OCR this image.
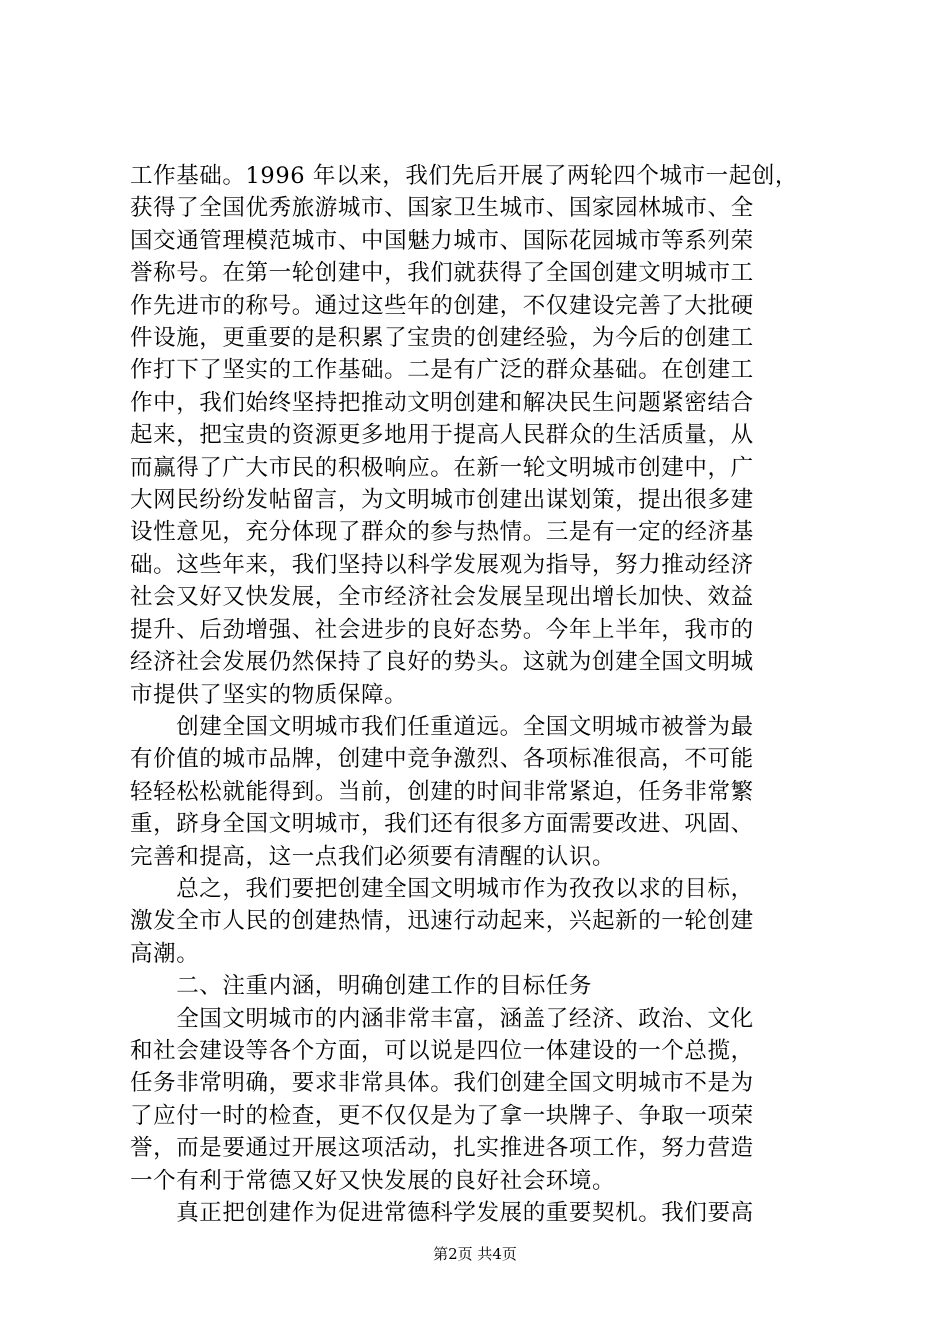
工作基础。1996 年以来，我们先后开展了两轮四个城市一起创，
获得了全国优秀旅游城市、国家卫生城市、国家园林城市、全
国交通管理模范城市、中国魅力城市、国际花园城市等系列荣
誉称号。在第一轮创建中，我们就获得了全国创建文明城市工
作先进市的称号。通过这些年的创建，不仅建设完善了大批硬
件设施，更重要的是积累了宝贵的创建经验，为今后的创建工
作打下了坚实的工作基础。二是有广泛的群众基础。在创建工
作中，我们始终坚持把推动文明创建和解决民生问题紧密结合
起来，把宝贵的资源更多地用于提高人民群众的生活质量，从
而赢得了广大市民的积极响应。在新一轮文明城市创建中，广
大网民纷纷发帖留言，为文明城市创建出谋划策，提出很多建
设性意见，充分体现了群众的参与热情。三是有一定的经济基
础。这些年来，我们坚持以科学发展观为指导，努力推动经济
社会又好又快发展，全市经济社会发展呈现出增长加快、效益
提升、后劲增强、社会进步的良好态势。今年上半年，我市的
经济社会发展仍然保持了良好的势头。这就为创建全国文明城
市提供了坚实的物质保障。
　　创建全国文明城市我们任重道远。全国文明城市被誉为最
有价值的城市品牌，创建中竞争激烈、各项标准很高，不可能
轻轻松松就能得到。当前，创建的时间非常紧迫，任务非常繁
重，跻身全国文明城市，我们还有很多方面需要改进、巩固、
完善和提高，这一点我们必须要有清醒的认识。
　　总之，我们要把创建全国文明城市作为孜孜以求的目标，
激发全市人民的创建热情，迅速行动起来，兴起新的一轮创建
高潮。
　　二、注重内涵，明确创建工作的目标任务
　　全国文明城市的内涵非常丰富，涵盖了经济、政治、文化
和社会建设等各个方面，可以说是四位一体建设的一个总揽，
任务非常明确，要求非常具体。我们创建全国文明城市不是为
了应付一时的检查，更不仅仅是为了拿一块牌子、争取一项荣
誉，而是要通过开展这项活动，扎实推进各项工作，努力营造
一个有利于常德又好又快发展的良好社会环境。
　　真正把创建作为促进常德科学发展的重要契机。我们要高
第2页 共4页
